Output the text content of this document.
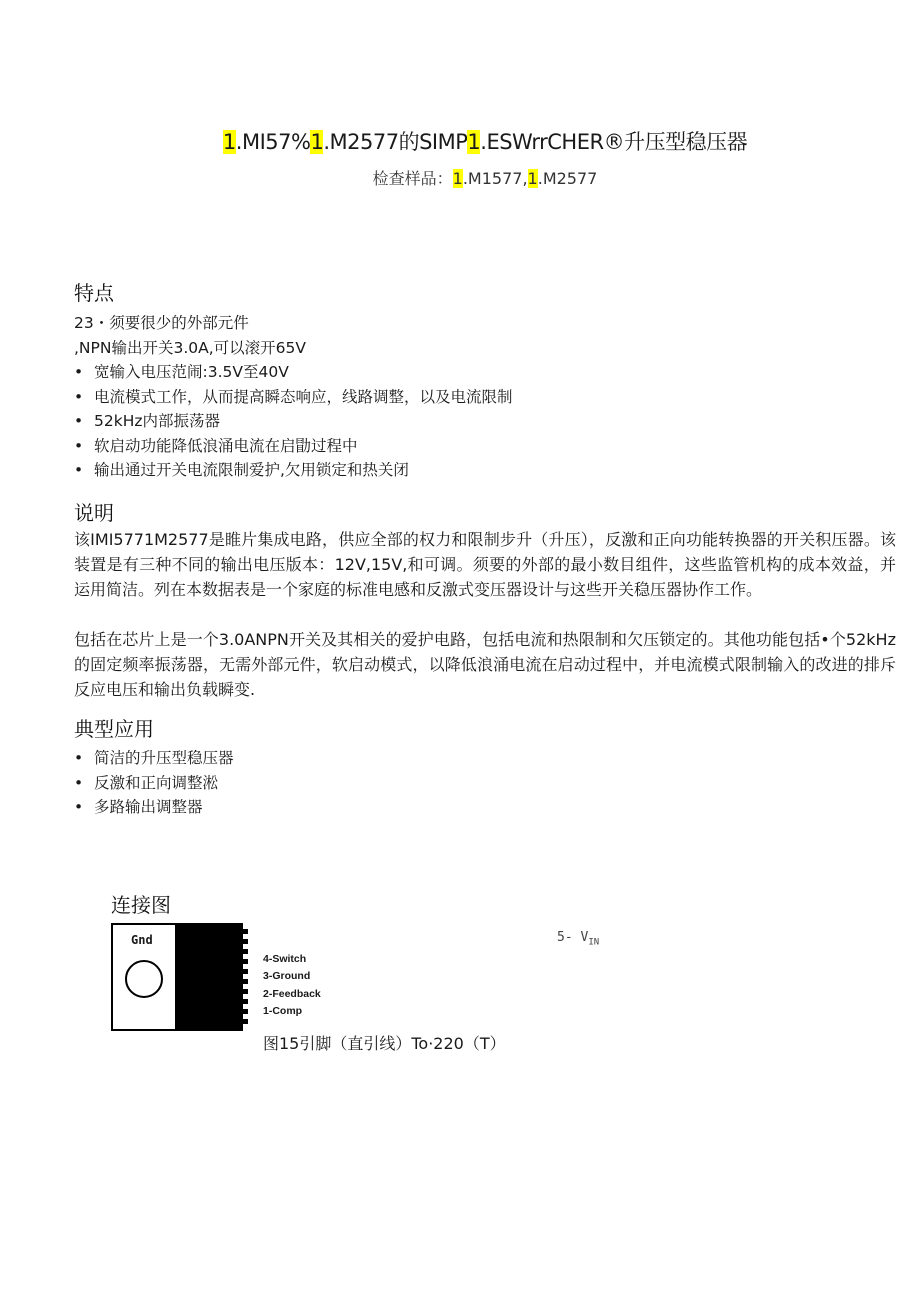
1.MI57%1.M2577的SIMP1.ESWrrCHER®升压型稳压器
检查样品：1.M1577,1.M2577
特点
23・须要很少的外部元件
,NPN输出开关3.0A,可以滚开65V
• 宽输入电压范闹:3.5V至40V
• 电流模式工作，从而提高瞬态响应，线路调整，以及电流限制
• 52kHz内部振荡器
• 软启动功能降低浪涌电流在启勖过程中
• 输出通过开关电流限制爱护,欠用锁定和热关闭
说明

该IMI5771M2577是睢片集成电路，供应全部的权力和限制步升（升压），反激和正向功能转换器的开关积压器。该装置是有三种不同的输出电压版本：12V,15V,和可调。须要的外部的最小数目组件，这些监管机构的成本效益，并运用简洁。列在本数据表是一个家庭的标准电感和反激式变压器设计与这些开关稳压器协作工作。

包括在芯片上是一个3.0ANPN开关及其相关的爱护电路，包括电流和热限制和欠压锁定的。其他功能包括•个52kHz的固定频率振荡器，无需外部元件，软启动模式，以降低浪涌电流在启动过程中，并电流模式限制输入的改进的排斥反应电压和输出负载瞬变.

典型应用
• 简洁的升压型稳压器
• 反激和正向调整淞
• 多路输出调整器
连接图
Gnd
4-Switch
3-Ground
2-Feedback
1-Comp
5- $V_{IN}$
图15引脚（直引线）To·220（T）
